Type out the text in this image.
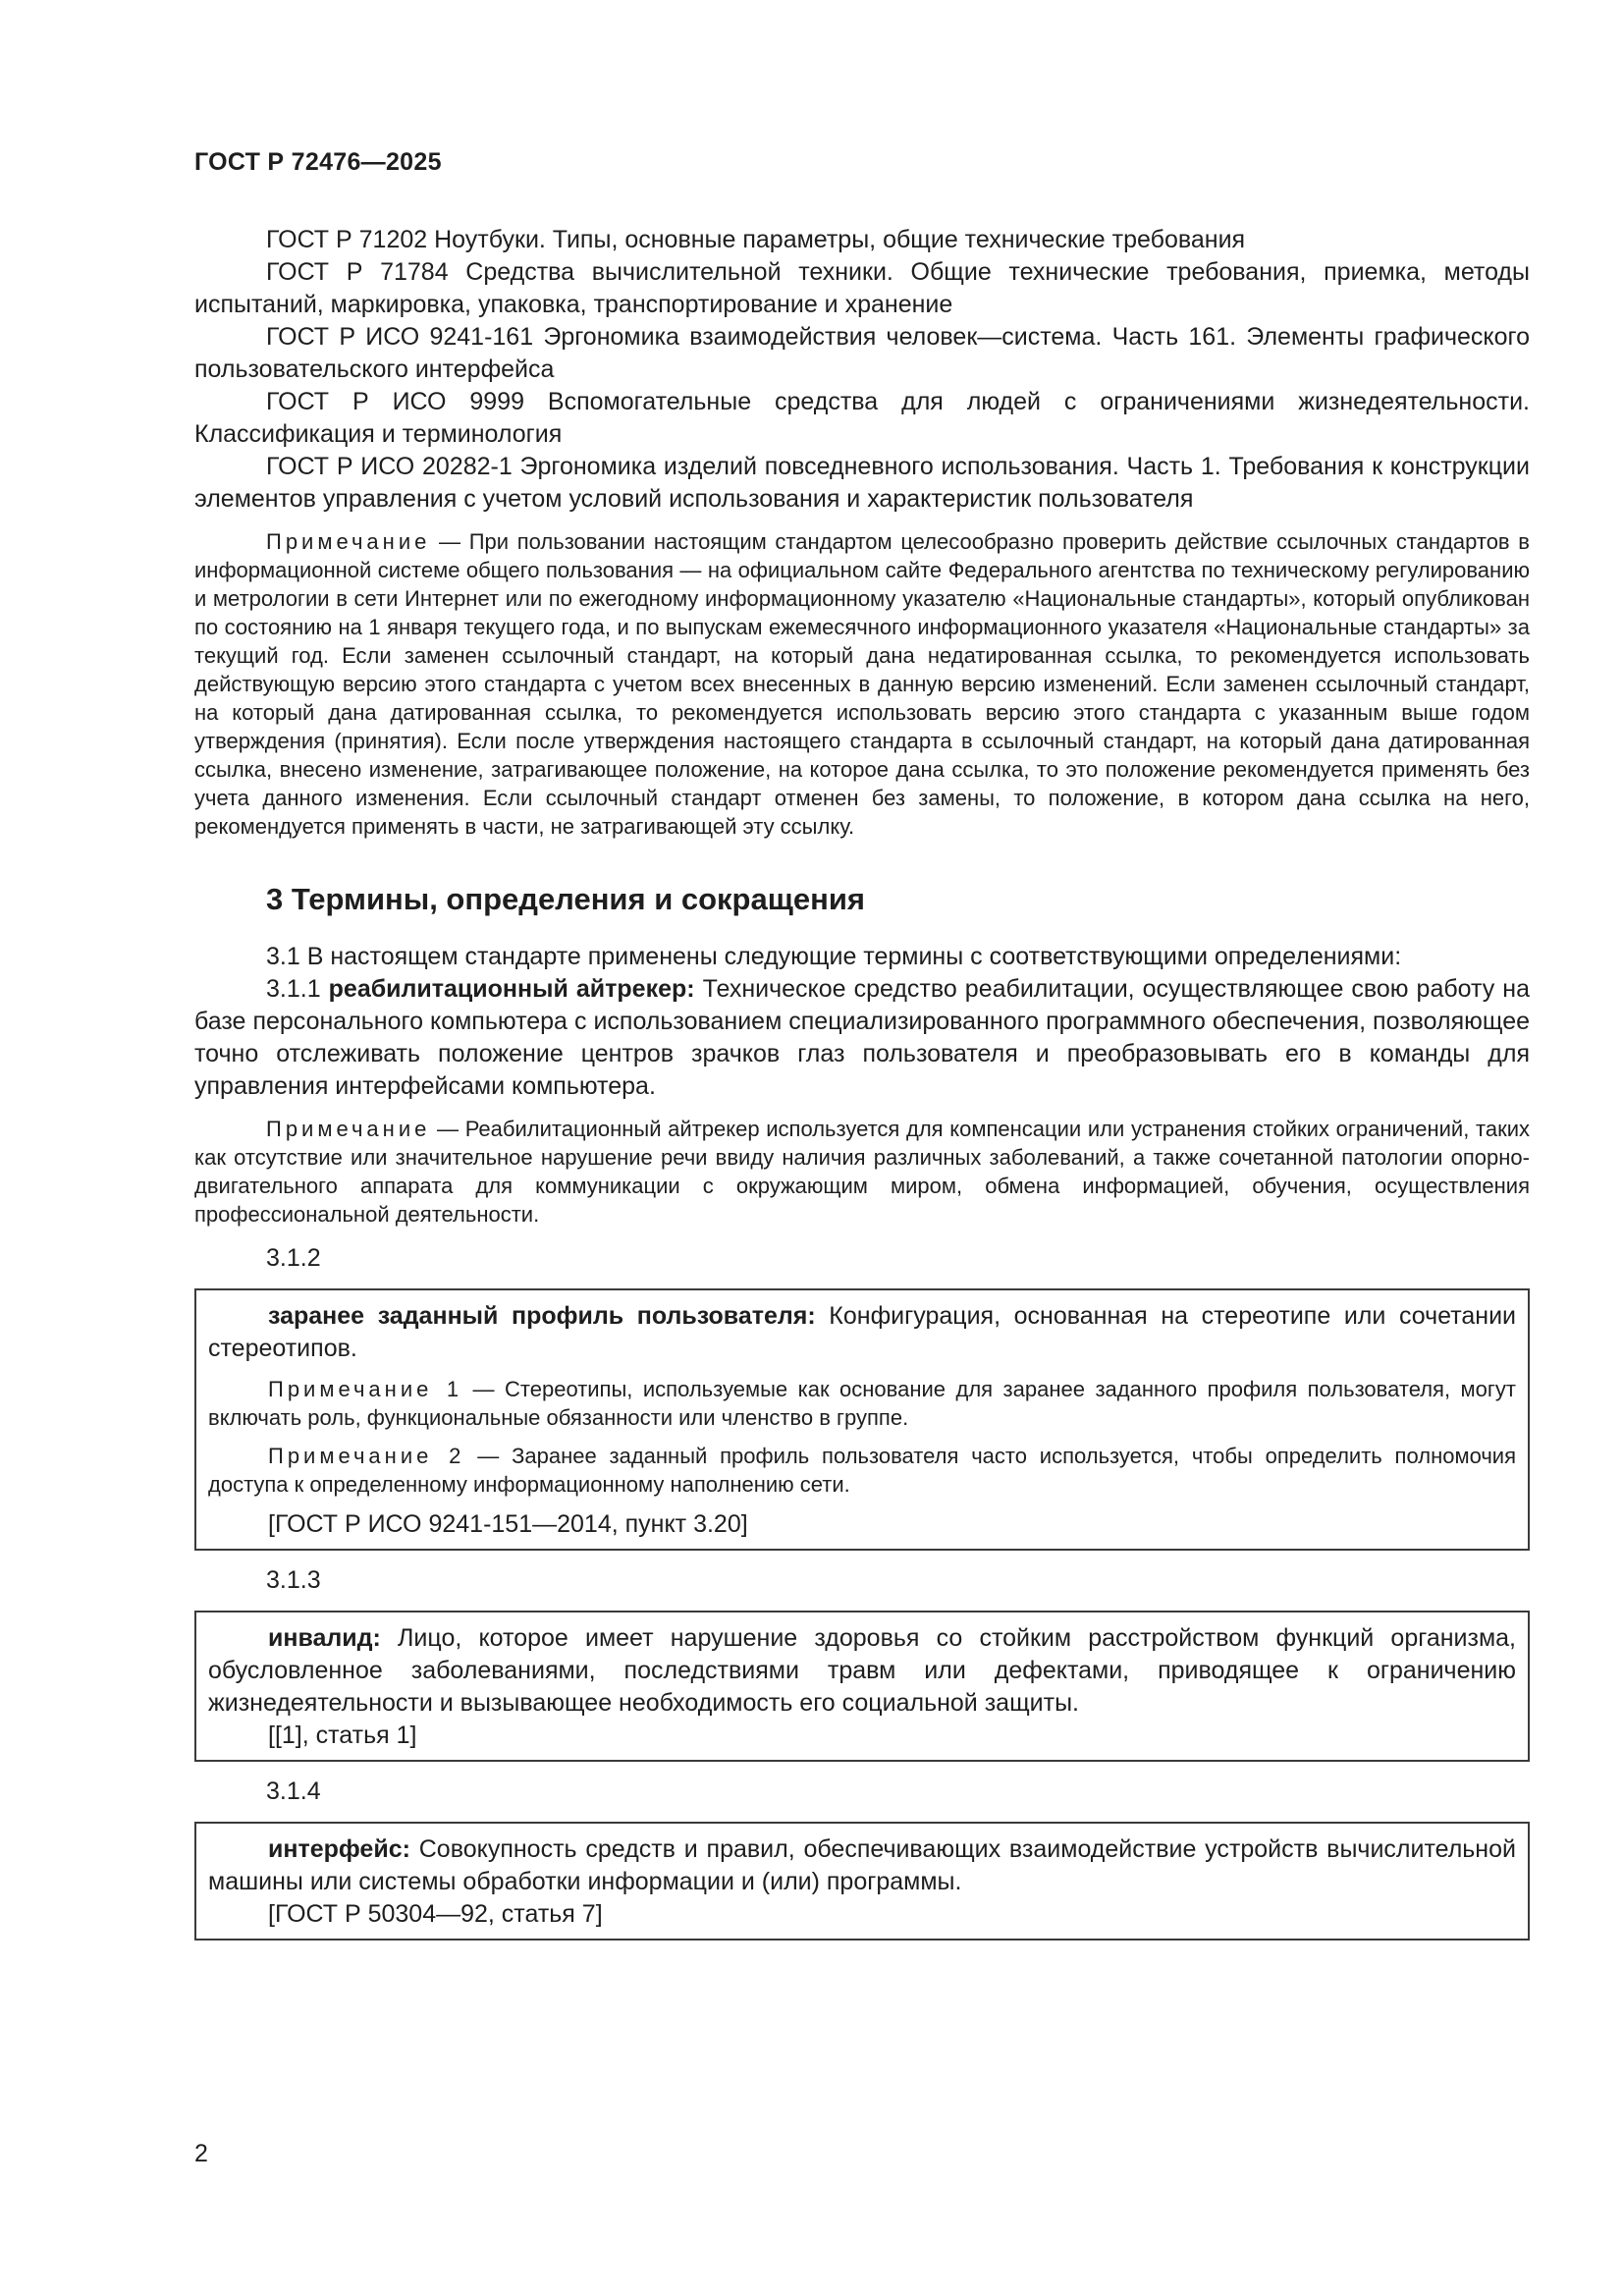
ГОСТ Р 72476—2025

ГОСТ Р 71202 Ноутбуки. Типы, основные параметры, общие технические требования

ГОСТ Р 71784 Средства вычислительной техники. Общие технические требования, приемка, методы испытаний, маркировка, упаковка, транспортирование и хранение

ГОСТ Р ИСО 9241-161 Эргономика взаимодействия человек—система. Часть 161. Элементы графического пользовательского интерфейса

ГОСТ Р ИСО 9999 Вспомогательные средства для людей с ограничениями жизнедеятельности. Классификация и терминология

ГОСТ Р ИСО 20282-1 Эргономика изделий повседневного использования. Часть 1. Требования к конструкции элементов управления с учетом условий использования и характеристик пользователя

Примечание — При пользовании настоящим стандартом целесообразно проверить действие ссылочных стандартов в информационной системе общего пользования — на официальном сайте Федерального агентства по техническому регулированию и метрологии в сети Интернет или по ежегодному информационному указателю «Национальные стандарты», который опубликован по состоянию на 1 января текущего года, и по выпускам ежемесячного информационного указателя «Национальные стандарты» за текущий год. Если заменен ссылочный стандарт, на который дана недатированная ссылка, то рекомендуется использовать действующую версию этого стандарта с учетом всех внесенных в данную версию изменений. Если заменен ссылочный стандарт, на который дана датированная ссылка, то рекомендуется использовать версию этого стандарта с указанным выше годом утверждения (принятия). Если после утверждения настоящего стандарта в ссылочный стандарт, на который дана датированная ссылка, внесено изменение, затрагивающее положение, на которое дана ссылка, то это положение рекомендуется применять без учета данного изменения. Если ссылочный стандарт отменен без замены, то положение, в котором дана ссылка на него, рекомендуется применять в части, не затрагивающей эту ссылку.

3 Термины, определения и сокращения

3.1 В настоящем стандарте применены следующие термины с соответствующими определениями:

3.1.1 реабилитационный айтрекер: Техническое средство реабилитации, осуществляющее свою работу на базе персонального компьютера с использованием специализированного программного обеспечения, позволяющее точно отслеживать положение центров зрачков глаз пользователя и преобразовывать его в команды для управления интерфейсами компьютера.

Примечание — Реабилитационный айтрекер используется для компенсации или устранения стойких ограничений, таких как отсутствие или значительное нарушение речи ввиду наличия различных заболеваний, а также сочетанной патологии опорно-двигательного аппарата для коммуникации с окружающим миром, обмена информацией, обучения, осуществления профессиональной деятельности.

3.1.2

заранее заданный профиль пользователя: Конфигурация, основанная на стереотипе или сочетании стереотипов.

Примечание 1 — Стереотипы, используемые как основание для заранее заданного профиля пользователя, могут включать роль, функциональные обязанности или членство в группе.

Примечание 2 — Заранее заданный профиль пользователя часто используется, чтобы определить полномочия доступа к определенному информационному наполнению сети.

[ГОСТ Р ИСО 9241-151—2014, пункт 3.20]
3.1.3

инвалид: Лицо, которое имеет нарушение здоровья со стойким расстройством функций организма, обусловленное заболеваниями, последствиями травм или дефектами, приводящее к ограничению жизнедеятельности и вызывающее необходимость его социальной защиты.

[[1], статья 1]
3.1.4

интерфейс: Совокупность средств и правил, обеспечивающих взаимодействие устройств вычислительной машины или системы обработки информации и (или) программы.

[ГОСТ Р 50304—92, статья 7]
2
